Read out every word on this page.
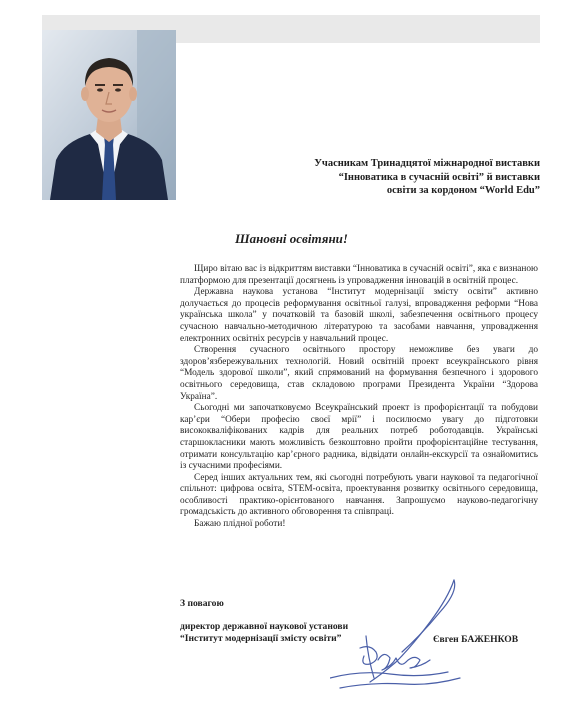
Учасникам Тринадцятої міжнародної виставки
“Інноватика в сучасній освіті” й виставки
освіти за кордоном “World Edu”
Шановні освітяни!

Щиро вітаю вас із відкриттям виставки “Інноватика в сучасній освіті”, яка є визнаною платформою для презентації досягнень із упровадження інновацій в освітній процес.

Державна наукова установа “Інститут модернізації змісту освіти” активно долучається до процесів реформування освітньої галузі, впровадження реформи “Нова українська школа” у початковій та базовій школі, забезпечення освітнього процесу сучасною навчально-методичною літературою та засобами навчання, упровадження електронних освітніх ресурсів у навчальний процес.

Створення сучасного освітнього простору неможливе без уваги до здоров’язбережувальних технологій. Новий освітній проект всеукраїнського рівня “Модель здорової школи”, який спрямований на формування безпечного і здорового освітнього середовища, став складовою програми Президента України “Здорова Україна”.

Сьогодні ми започатковуємо Всеукраїнський проект із профорієнтації та побудови кар’єри “Обери професію своєї мрії” і посилюємо увагу до підготовки висококваліфікованих кадрів для реальних потреб роботодавців. Українські старшокласники мають можливість безкоштовно пройти профорієнтаційне тестування, отримати консультацію кар’єрного радника, відвідати онлайн-екскурсії та ознайомитись із сучасними професіями.

Серед інших актуальних тем, які сьогодні потребують уваги наукової та педагогічної спільнот: цифрова освіта, STEM-освіта, проектування розвитку освітнього середовища, особливості практико-орієнтованого навчання. Запрошуємо науково-педагогічну громадськість до активного обговорення та співпраці.

Бажаю плідної роботи!

З повагою
директор державної наукової установи
“Інститут модернізації змісту освіти”	Євген БАЖЕНКОВ
